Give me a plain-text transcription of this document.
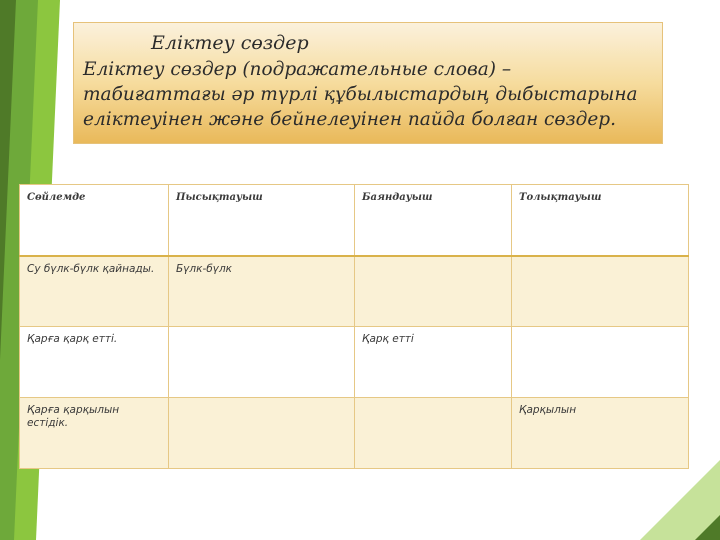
Еліктеу сөздер
Еліктеу сөздер (подражательные слова) – табиғаттағы әр түрлі құбылыстардың дыбыстарына еліктеуінен және бейнелеуінен пайда болған сөздер.
Сөйлемде	Пысықтауыш	Баяндауыш	Толықтауыш
Су бүлк-бүлк қайнады.	Бүлк-бүлк		
Қарға қарқ етті.		Қарқ етті	
Қарға қарқылын естідік.			Қарқылын
